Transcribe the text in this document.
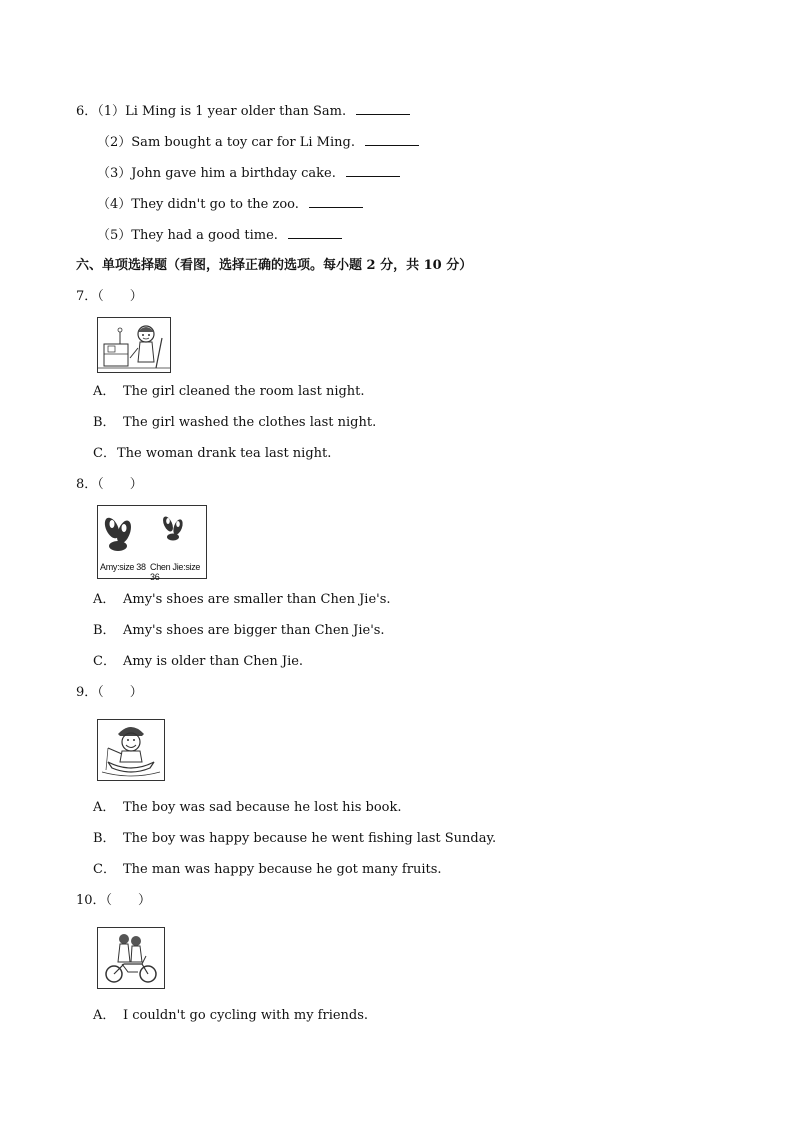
6．（1）Li Ming is 1 year older than Sam.
（2）Sam bought a toy car for Li Ming.
（3）John gave him a birthday cake.
（4）They didn't go to the zoo.
（5）They had a good time.
六、单项选择题（看图，选择正确的选项。每小题 2 分，共 10 分）
7．（　　）
A． The girl cleaned the room last night.
B． The girl washed the clothes last night.
C．The woman drank tea last night.
8．（　　）
Amy:size 38 Chen Jie:size 36
A． Amy's shoes are smaller than Chen Jie's.
B． Amy's shoes are bigger than Chen Jie's.
C． Amy is older than Chen Jie.
9．（　　）
A． The boy was sad because he lost his book.
B． The boy was happy because he went fishing last Sunday.
C． The man was happy because he got many fruits.
10．（　　）
A． I couldn't go cycling with my friends.
